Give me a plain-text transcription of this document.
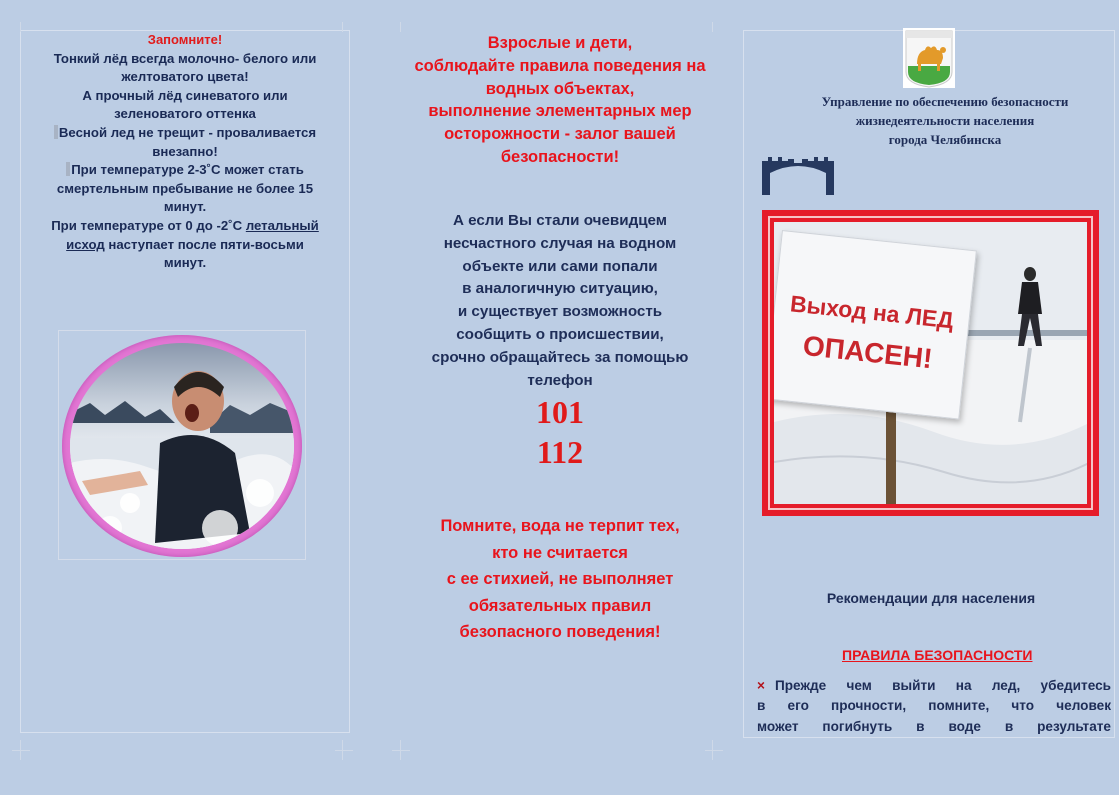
Запомните!

Тонкий лёд всегда молочно- белого или

желтоватого цвета!

А прочный лёд синеватого или

зеленоватого оттенка

Весной лед не трещит - проваливается

внезапно!

При температуре 2-3˚С может стать

смертельным пребывание не более 15

минут.

При температуре от 0 до -2˚С летальный

исход наступает после пяти-восьми

минут.

Взрослые и дети,
соблюдайте правила поведения на
водных объектах,
выполнение элементарных мер
осторожности - залог вашей
безопасности!
А если Вы стали очевидцем
несчастного случая на водном
объекте или сами попали
в аналогичную ситуацию,
и существует возможность
сообщить о происшествии,
срочно обращайтесь за помощью
телефон
101
112
Помните, вода не терпит тех,
кто не считается
с ее стихией, не выполняет
обязательных правил
безопасного поведения!
Управление по обеспечению безопасности
жизнедеятельности населения
города Челябинска
Выход на ЛЕД
ОПАСЕН!
Рекомендации для населения
ПРАВИЛА БЕЗОПАСНОСТИ
× Прежде чем выйти на лед, убедитесь
в его прочности, помните, что человек
может погибнуть в воде в результате
